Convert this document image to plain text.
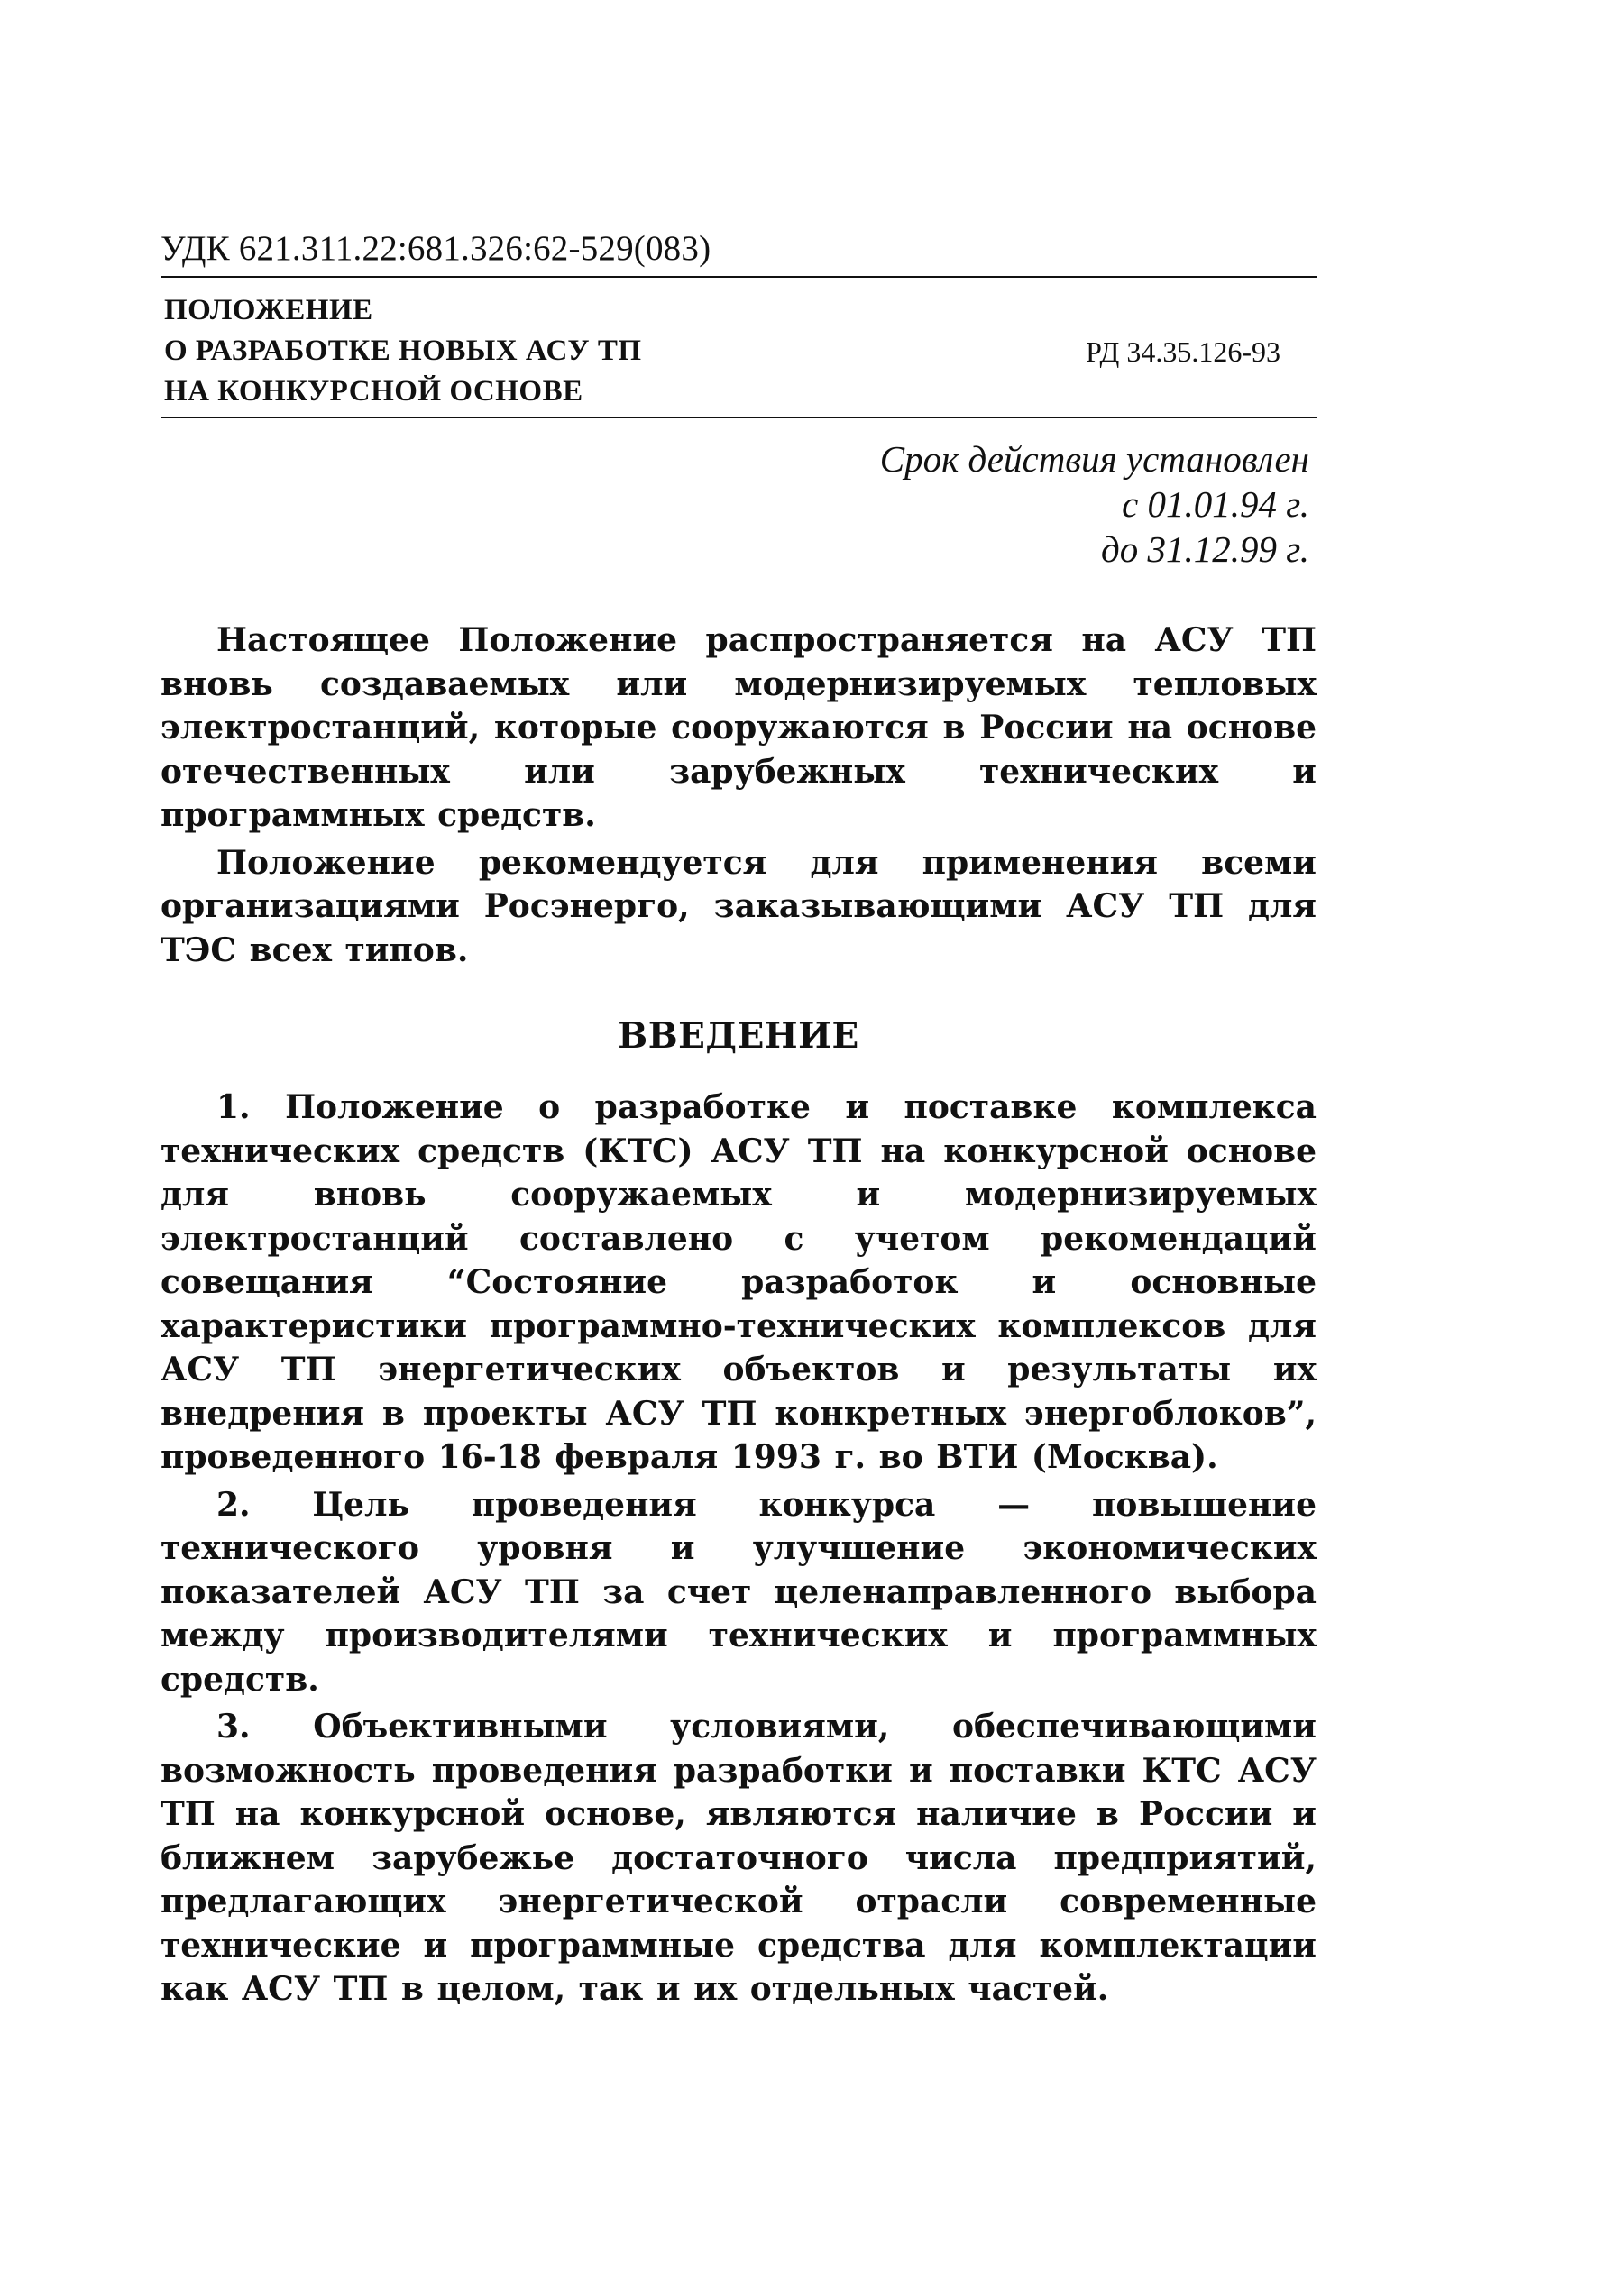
УДК 621.311.22:681.326:62-529(083)
ПОЛОЖЕНИЕ
О РАЗРАБОТКЕ НОВЫХ АСУ ТП
НА КОНКУРСНОЙ ОСНОВЕ
РД 34.35.126-93
Срок действия установлен
с 01.01.94 г.
до 31.12.99 г.

Настоящее Положение распространяется на АСУ ТП вновь создаваемых или модернизируемых тепловых электростанций, которые сооружаются в России на основе отечественных или зарубежных технических и программных средств.

Положение рекомендуется для применения всеми организациями Росэнерго, заказывающими АСУ ТП для ТЭС всех типов.

ВВЕДЕНИЕ

1. Положение о разработке и поставке комплекса технических средств (КТС) АСУ ТП на конкурсной основе для вновь сооружаемых и модернизируемых электростанций составлено с учетом рекомендаций совещания “Состояние разработок и основные характеристики программно-технических комплексов для АСУ ТП энергетических объектов и результаты их внедрения в проекты АСУ ТП конкретных энергоблоков”, проведенного 16-18 февраля 1993 г. во ВТИ (Москва).

2. Цель проведения конкурса — повышение технического уровня и улучшение экономических показателей АСУ ТП за счет целенаправленного выбора между производителями технических и программных средств.

3. Объективными условиями, обеспечивающими возможность проведения разработки и поставки КТС АСУ ТП на конкурсной основе, являются наличие в России и ближнем зарубежье достаточного числа предприятий, предлагающих энергетической отрасли современные технические и программные средства для комплектации как АСУ ТП в целом, так и их отдельных частей.
